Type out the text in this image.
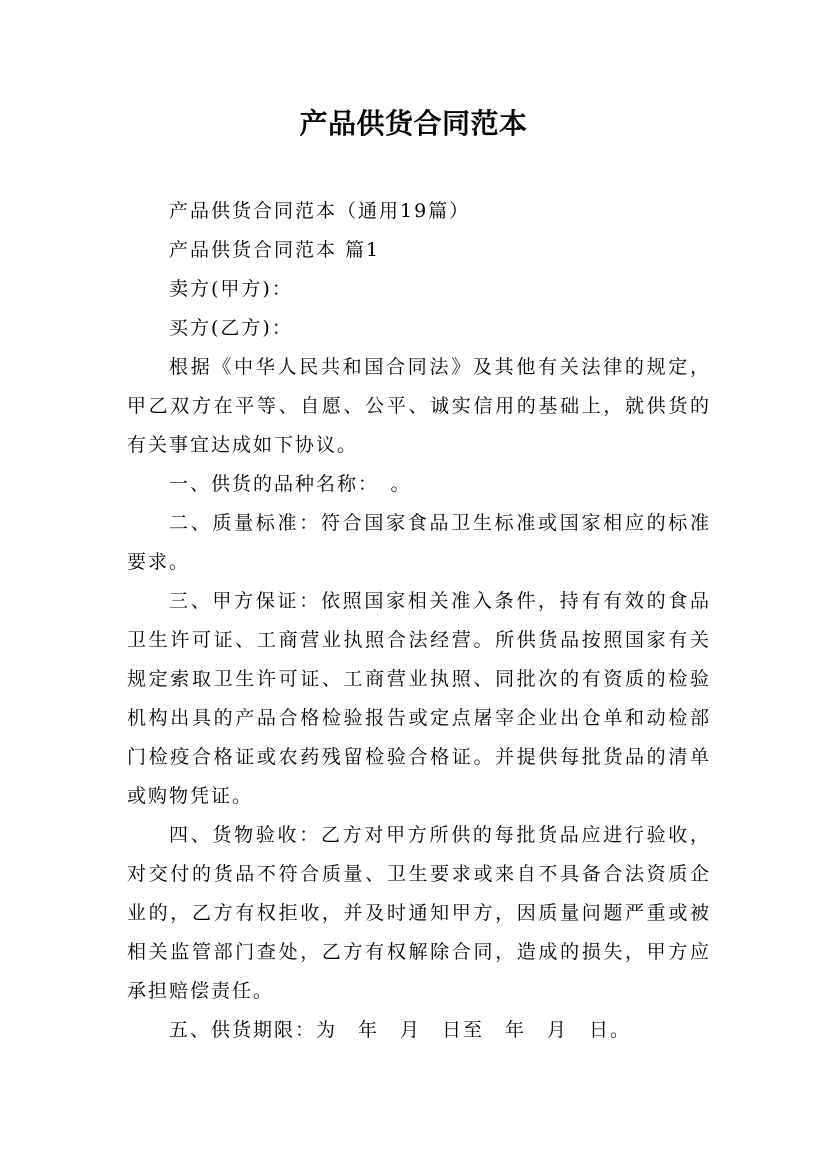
产品供货合同范本

产品供货合同范本（通用19篇）

产品供货合同范本 篇1

卖方(甲方)：

买方(乙方)：

根据《中华人民共和国合同法》及其他有关法律的规定，甲乙双方在平等、自愿、公平、诚实信用的基础上，就供货的有关事宜达成如下协议。

一、供货的品种名称：　。

二、质量标准：符合国家食品卫生标准或国家相应的标准要求。

三、甲方保证：依照国家相关准入条件，持有有效的食品卫生许可证、工商营业执照合法经营。所供货品按照国家有关规定索取卫生许可证、工商营业执照、同批次的有资质的检验机构出具的产品合格检验报告或定点屠宰企业出仓单和动检部门检疫合格证或农药残留检验合格证。并提供每批货品的清单或购物凭证。

四、货物验收：乙方对甲方所供的每批货品应进行验收，对交付的货品不符合质量、卫生要求或来自不具备合法资质企业的，乙方有权拒收，并及时通知甲方，因质量问题严重或被相关监管部门查处，乙方有权解除合同，造成的损失，甲方应承担赔偿责任。

五、供货期限：为　年　月　日至　年　月　日。
